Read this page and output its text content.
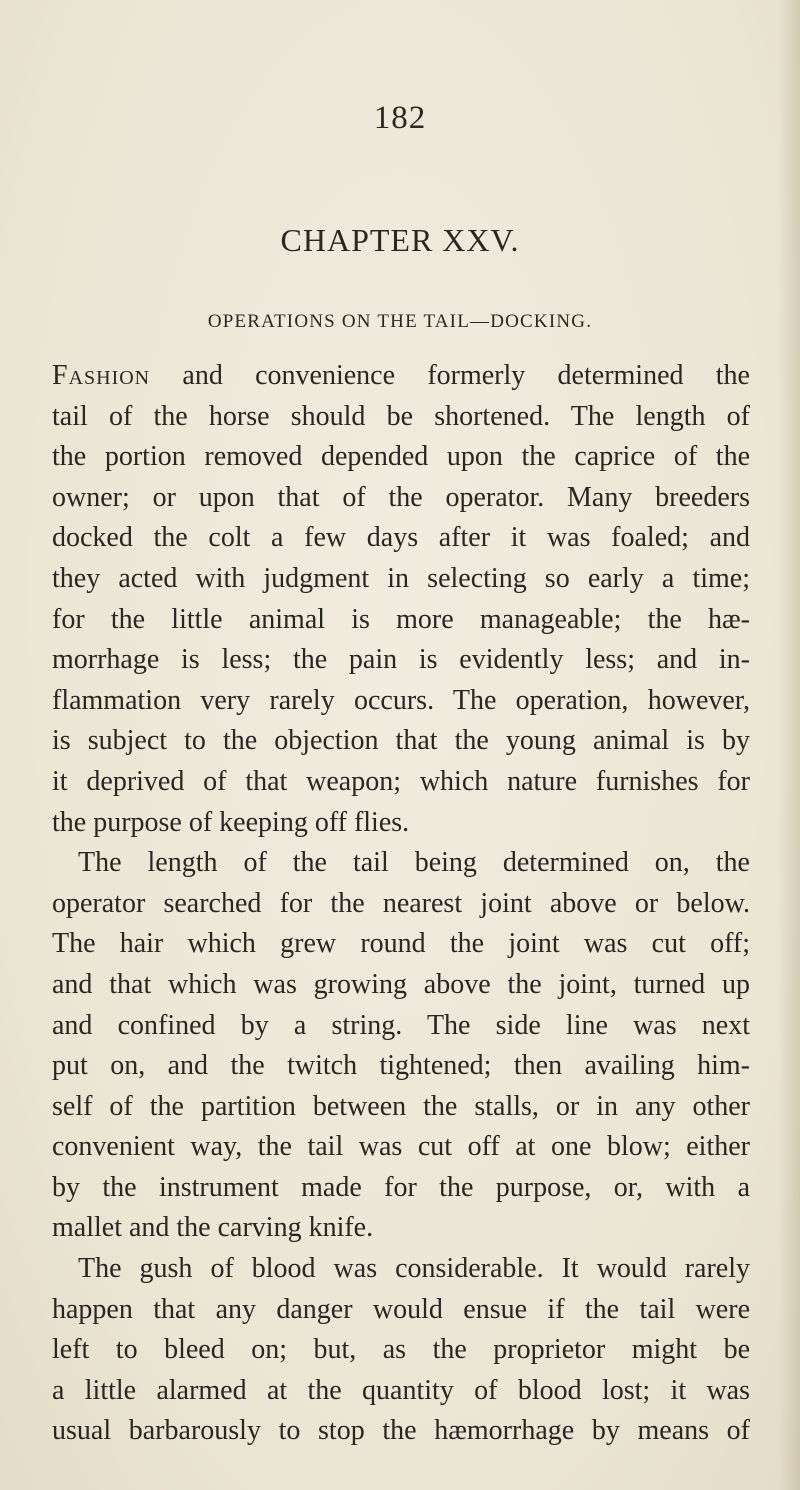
182
CHAPTER XXV.
OPERATIONS ON THE TAIL—DOCKING.
Fashion and convenience formerly determined the
tail of the horse should be shortened. The length of
the portion removed depended upon the caprice of the
owner; or upon that of the operator. Many breeders
docked the colt a few days after it was foaled; and
they acted with judgment in selecting so early a time;
for the little animal is more manageable; the hæ-
morrhage is less; the pain is evidently less; and in-
flammation very rarely occurs. The operation, however,
is subject to the objection that the young animal is by
it deprived of that weapon; which nature furnishes for
the purpose of keeping off flies.
The length of the tail being determined on, the
operator searched for the nearest joint above or below.
The hair which grew round the joint was cut off;
and that which was growing above the joint, turned up
and confined by a string. The side line was next
put on, and the twitch tightened; then availing him-
self of the partition between the stalls, or in any other
convenient way, the tail was cut off at one blow; either
by the instrument made for the purpose, or, with a
mallet and the carving knife.
The gush of blood was considerable. It would rarely
happen that any danger would ensue if the tail were
left to bleed on; but, as the proprietor might be
a little alarmed at the quantity of blood lost; it was
usual barbarously to stop the hæmorrhage by means of
